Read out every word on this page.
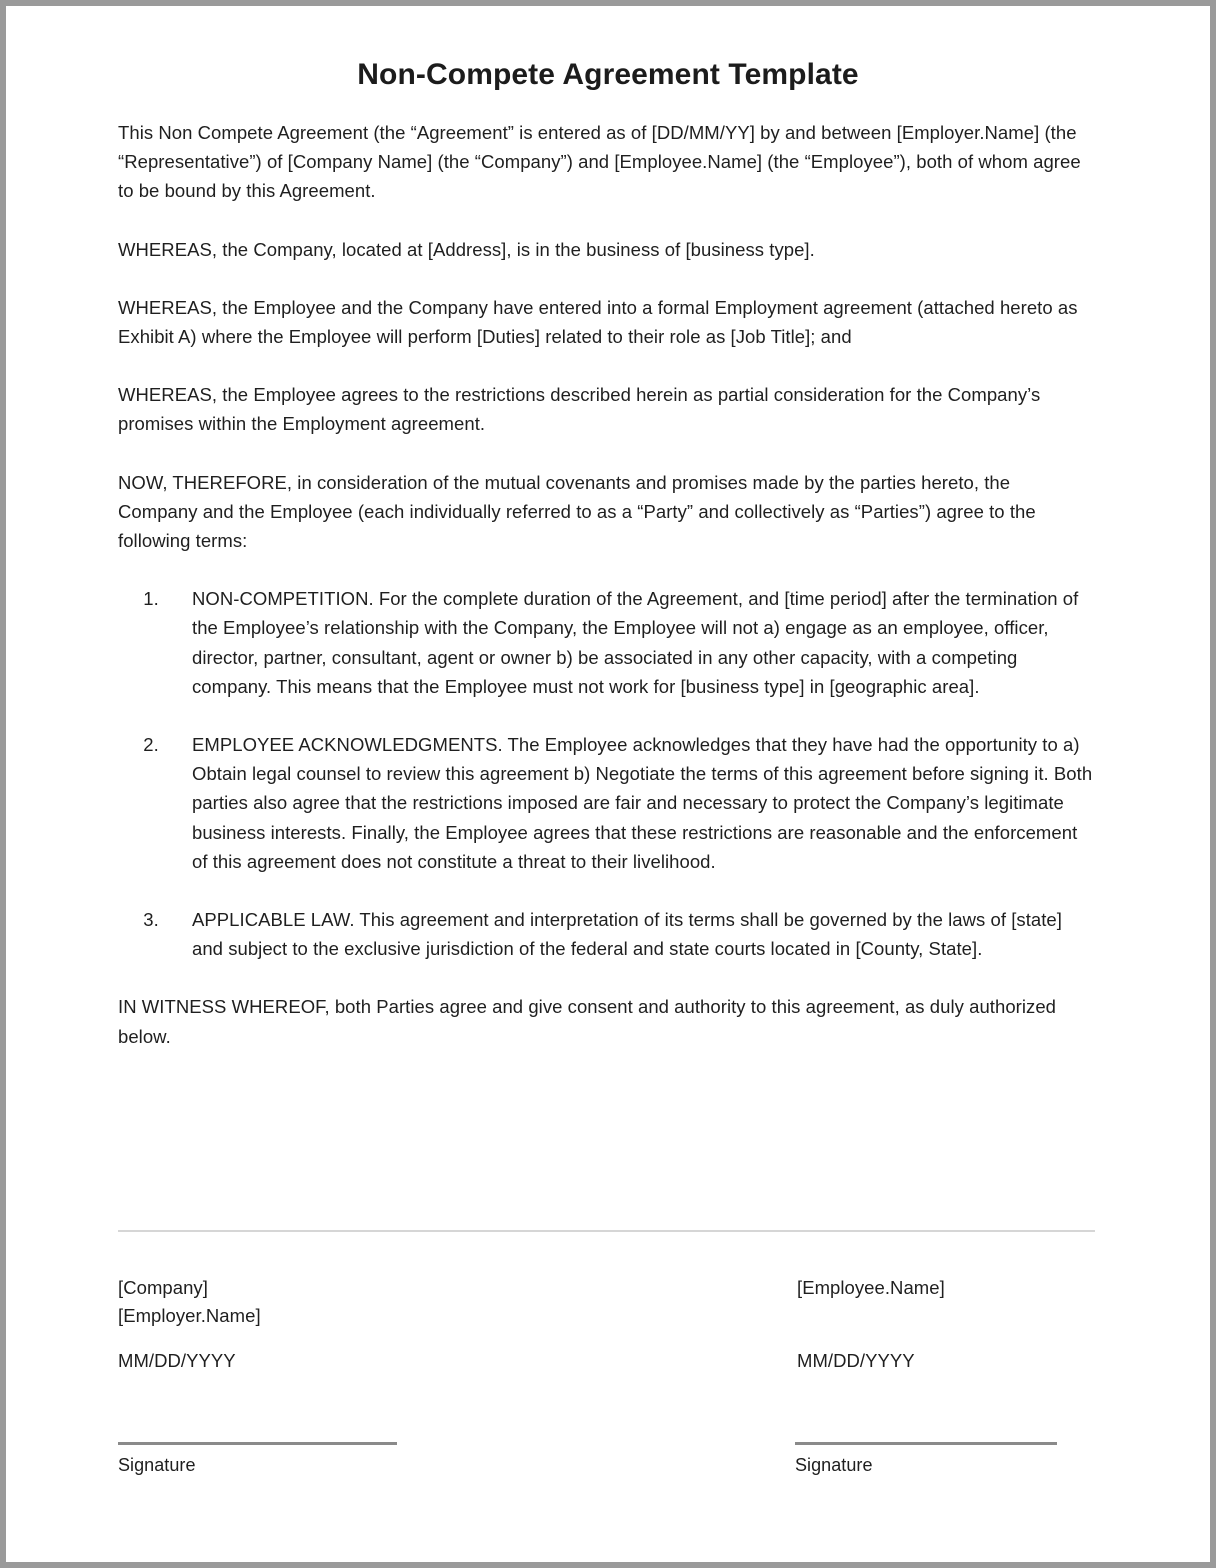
Non-Compete Agreement Template

This Non Compete Agreement (the “Agreement” is entered as of [DD/MM/YY] by and between [Employer.Name] (the “Representative”) of [Company Name] (the “Company”) and [Employee.Name] (the “Employee”), both of whom agree to be bound by this Agreement.

WHEREAS, the Company, located at [Address], is in the business of [business type].

WHEREAS, the Employee and the Company have entered into a formal Employment agreement (attached hereto as Exhibit A) where the Employee will perform [Duties] related to their role as [Job Title]; and

WHEREAS, the Employee agrees to the restrictions described herein as partial consideration for the Company’s promises within the Employment agreement.

NOW, THEREFORE, in consideration of the mutual covenants and promises made by the parties hereto, the Company and the Employee (each individually referred to as a “Party” and collectively as “Parties”) agree to the following terms:

1. NON-COMPETITION. For the complete duration of the Agreement, and [time period] after the termination of the Employee’s relationship with the Company, the Employee will not a) engage as an employee, officer, director, partner, consultant, agent or owner b) be associated in any other capacity, with a competing company. This means that the Employee must not work for [business type] in [geographic area].
2. EMPLOYEE ACKNOWLEDGMENTS. The Employee acknowledges that they have had the opportunity to a) Obtain legal counsel to review this agreement b) Negotiate the terms of this agreement before signing it. Both parties also agree that the restrictions imposed are fair and necessary to protect the Company’s legitimate business interests. Finally, the Employee agrees that these restrictions are reasonable and the enforcement of this agreement does not constitute a threat to their livelihood.
3. APPLICABLE LAW. This agreement and interpretation of its terms shall be governed by the laws of [state] and subject to the exclusive jurisdiction of the federal and state courts located in [County, State].

IN WITNESS WHEREOF, both Parties agree and give consent and authority to this agreement, as duly authorized below.

[Company]
[Employer.Name]
MM/DD/YYYY
[Employee.Name]
MM/DD/YYYY
Signature	Signature
